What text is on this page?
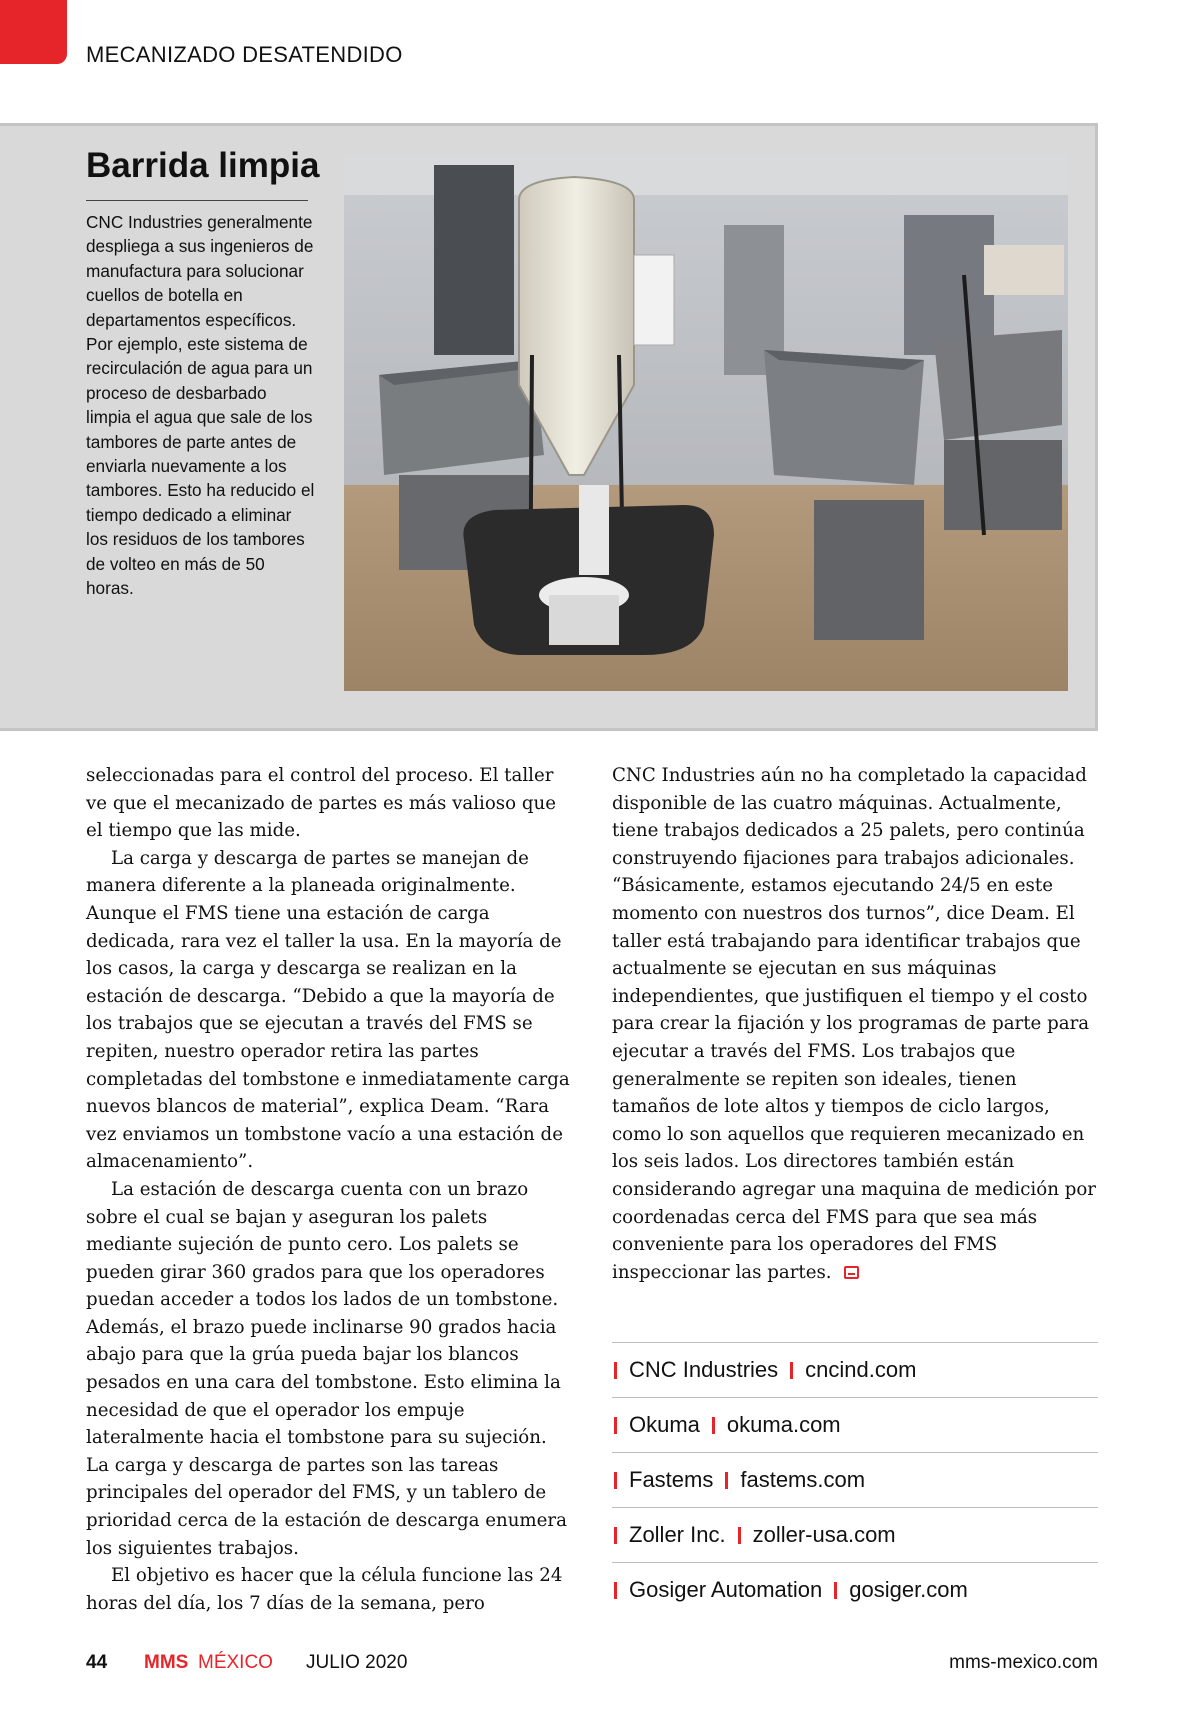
MECANIZADO DESATENDIDO
Barrida limpia

CNC Industries generalmente despliega a sus ingenieros de manufactura para solucionar cuellos de botella en departamentos específicos. Por ejemplo, este sistema de recirculación de agua para un proceso de desbarbado limpia el agua que sale de los tambores de parte antes de enviarla nuevamente a los tambores. Esto ha reducido el tiempo dedicado a eliminar los residuos de los tambores de volteo en más de 50 horas.

seleccionadas para el control del proceso. El taller ve que el mecanizado de partes es más valioso que el tiempo que las mide.

La carga y descarga de partes se manejan de manera diferente a la planeada originalmente. Aunque el FMS tiene una estación de carga dedicada, rara vez el taller la usa. En la mayoría de los casos, la carga y descarga se realizan en la estación de descarga. “Debido a que la mayoría de los trabajos que se ejecutan a través del FMS se repiten, nuestro operador retira las partes completadas del tombstone e inmediatamente carga nuevos blancos de material”, explica Deam. “Rara vez enviamos un tombstone vacío a una estación de almacenamiento”.

La estación de descarga cuenta con un brazo sobre el cual se bajan y aseguran los palets mediante sujeción de punto cero. Los palets se pueden girar 360 grados para que los operadores puedan acceder a todos los lados de un tombstone. Además, el brazo puede inclinarse 90 grados hacia abajo para que la grúa pueda bajar los blancos pesados en una cara del tombstone. Esto elimina la necesidad de que el operador los empuje lateralmente hacia el tombstone para su sujeción. La carga y descarga de partes son las tareas principales del operador del FMS, y un tablero de prioridad cerca de la estación de descarga enumera los siguientes trabajos.

El objetivo es hacer que la célula funcione las 24 horas del día, los 7 días de la semana, pero

CNC Industries aún no ha completado la capacidad disponible de las cuatro máquinas. Actualmente, tiene trabajos dedicados a 25 palets, pero continúa construyendo fijaciones para trabajos adicionales. “Básicamente, estamos ejecutando 24/5 en este momento con nuestros dos turnos”, dice Deam. El taller está trabajando para identificar trabajos que actualmente se ejecutan en sus máquinas independientes, que justifiquen el tiempo y el costo para crear la fijación y los programas de parte para ejecutar a través del FMS. Los trabajos que generalmente se repiten son ideales, tienen tamaños de lote altos y tiempos de ciclo largos, como lo son aquellos que requieren mecanizado en los seis lados. Los directores también están considerando agregar una maquina de medición por coordenadas cerca del FMS para que sea más conveniente para los operadores del FMS inspeccionar las partes.

CNC Industries cncind.com
Okuma okuma.com
Fastems fastems.com
Zoller Inc. zoller-usa.com
Gosiger Automation gosiger.com
44 MMS MÉXICO JULIO 2020	mms-mexico.com
